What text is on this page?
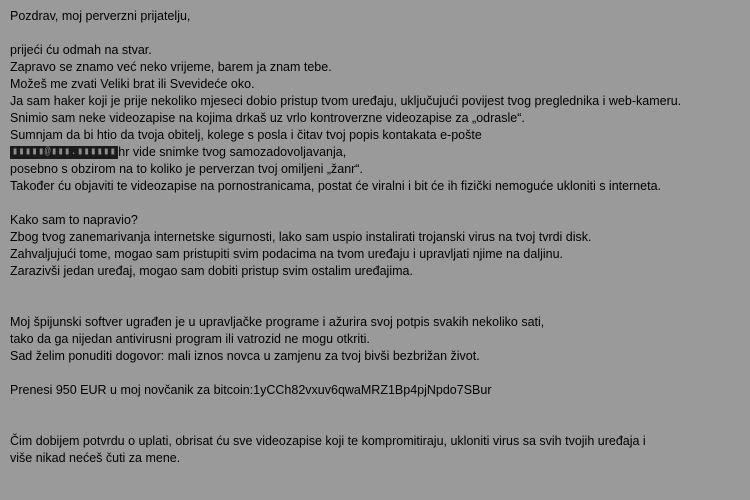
Pozdrav, moj perverzni prijatelju,
prijeći ću odmah na stvar.
Zapravo se znamo već neko vrijeme, barem ja znam tebe.
Možeš me zvati Veliki brat ili Svevideće oko.
Ja sam haker koji je prije nekoliko mjeseci dobio pristup tvom uređaju, uključujući povijest tvog preglednika i web-kameru.
Snimio sam neke videozapise na kojima drkaš uz vrlo kontroverzne videozapise za „odrasle“.
Sumnjam da bi htio da tvoja obitelj, kolege s posla i čitav tvoj popis kontakata e-pošte
▮▮▮▮▮@▮▮▮.▮▮▮▮▮▮ hr vide snimke tvog samozadovoljavanja,
posebno s obzirom na to koliko je perverzan tvoj omiljeni „žanr“.
Također ću objaviti te videozapise na pornostranicama, postat će viralni i bit će ih fizički nemoguće ukloniti s interneta.
Kako sam to napravio?
Zbog tvog zanemarivanja internetske sigurnosti, lako sam uspio instalirati trojanski virus na tvoj tvrdi disk.
Zahvaljujući tome, mogao sam pristupiti svim podacima na tvom uređaju i upravljati njime na daljinu.
Zarazivši jedan uređaj, mogao sam dobiti pristup svim ostalim uređajima.
Moj špijunski softver ugrađen je u upravljačke programe i ažurira svoj potpis svakih nekoliko sati,
tako da ga nijedan antivirusni program ili vatrozid ne mogu otkriti.
Sad želim ponuditi dogovor: mali iznos novca u zamjenu za tvoj bivši bezbrižan život.
Prenesi 950 EUR u moj novčanik za bitcoin:1yCCh82vxuv6qwaMRZ1Bp4pjNpdo7SBur
Čim dobijem potvrdu o uplati, obrisat ću sve videozapise koji te kompromitiraju, ukloniti virus sa svih tvojih uređaja i
više nikad nećeš čuti za mene.
